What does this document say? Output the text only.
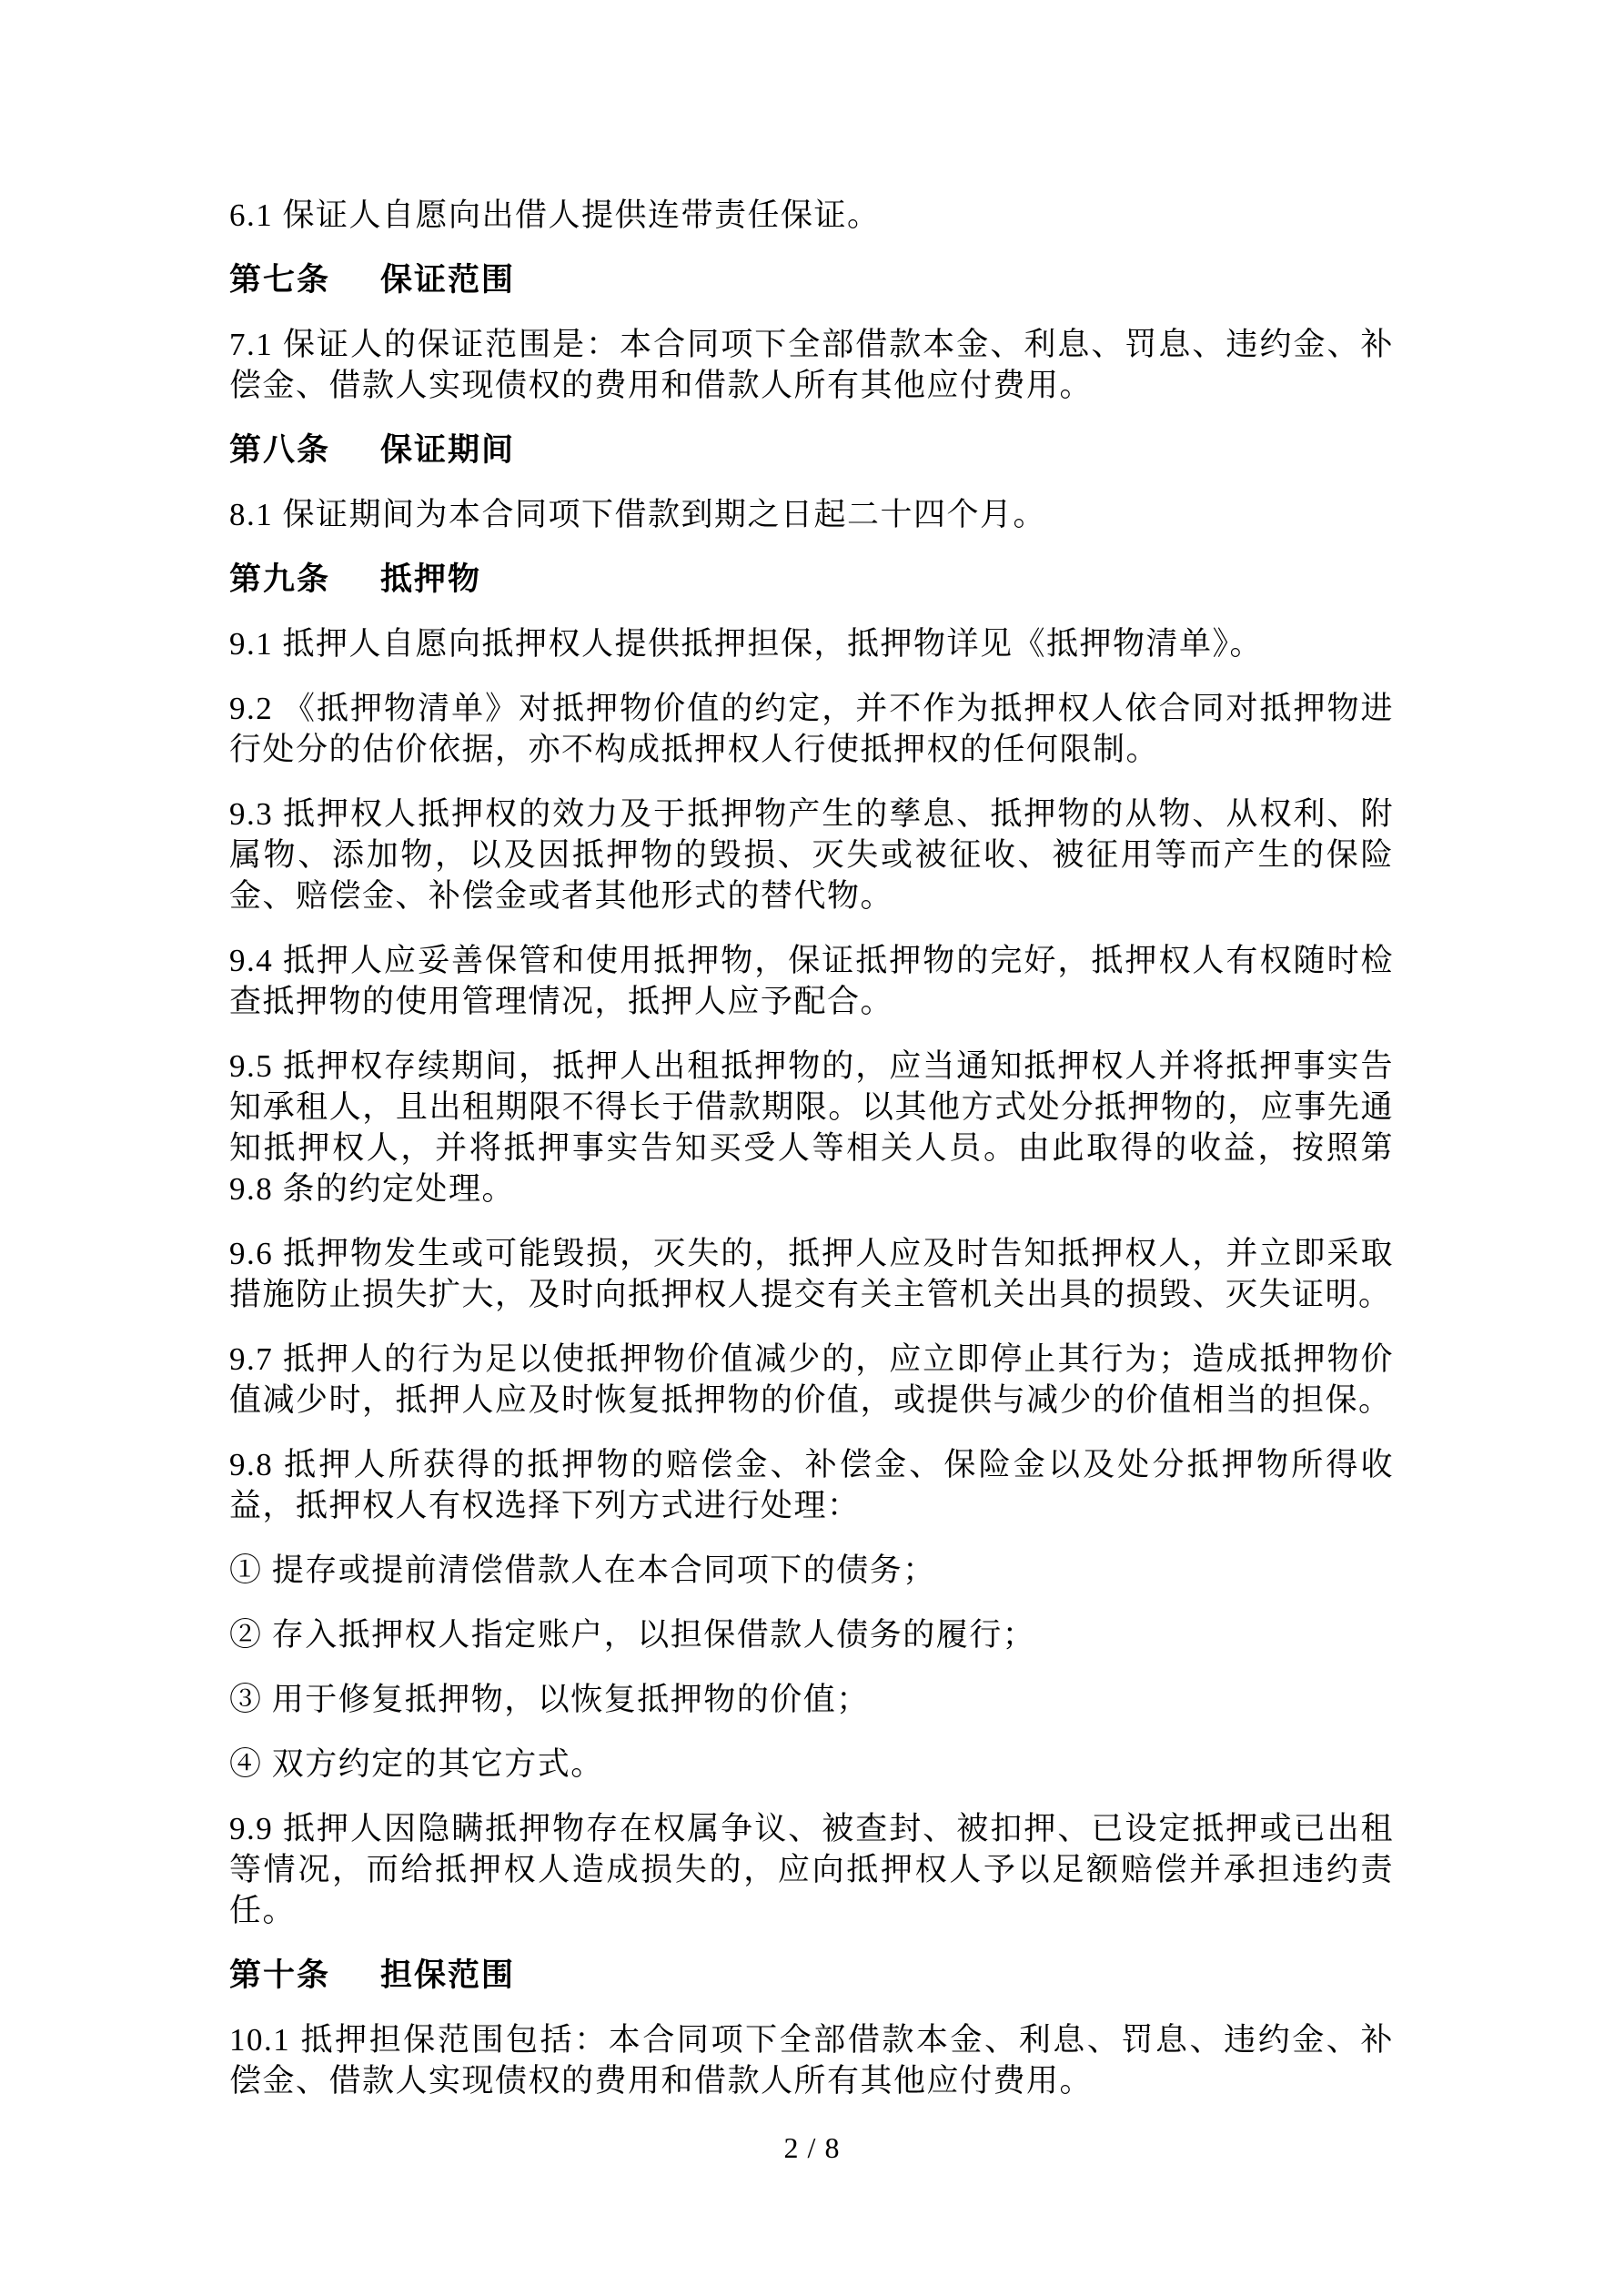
6.1 保证人自愿向出借人提供连带责任保证。

第七条 保证范围

7.1 保证人的保证范围是：本合同项下全部借款本金、利息、罚息、违约金、补偿金、借款人实现债权的费用和借款人所有其他应付费用。

第八条 保证期间

8.1 保证期间为本合同项下借款到期之日起二十四个月。

第九条 抵押物

9.1 抵押人自愿向抵押权人提供抵押担保，抵押物详见《抵押物清单》。

9.2 《抵押物清单》对抵押物价值的约定，并不作为抵押权人依合同对抵押物进行处分的估价依据，亦不构成抵押权人行使抵押权的任何限制。

9.3 抵押权人抵押权的效力及于抵押物产生的孳息、抵押物的从物、从权利、附属物、添加物，以及因抵押物的毁损、灭失或被征收、被征用等而产生的保险金、赔偿金、补偿金或者其他形式的替代物。

9.4 抵押人应妥善保管和使用抵押物，保证抵押物的完好，抵押权人有权随时检查抵押物的使用管理情况，抵押人应予配合。

9.5 抵押权存续期间，抵押人出租抵押物的，应当通知抵押权人并将抵押事实告知承租人，且出租期限不得长于借款期限。以其他方式处分抵押物的，应事先通知抵押权人，并将抵押事实告知买受人等相关人员。由此取得的收益，按照第 9.8 条的约定处理。

9.6 抵押物发生或可能毁损，灭失的，抵押人应及时告知抵押权人，并立即采取措施防止损失扩大，及时向抵押权人提交有关主管机关出具的损毁、灭失证明。

9.7 抵押人的行为足以使抵押物价值减少的，应立即停止其行为；造成抵押物价值减少时，抵押人应及时恢复抵押物的价值，或提供与减少的价值相当的担保。

9.8 抵押人所获得的抵押物的赔偿金、补偿金、保险金以及处分抵押物所得收益，抵押权人有权选择下列方式进行处理：

① 提存或提前清偿借款人在本合同项下的债务；

② 存入抵押权人指定账户，以担保借款人债务的履行；

③ 用于修复抵押物，以恢复抵押物的价值；

④ 双方约定的其它方式。

9.9 抵押人因隐瞒抵押物存在权属争议、被查封、被扣押、已设定抵押或已出租等情况，而给抵押权人造成损失的，应向抵押权人予以足额赔偿并承担违约责任。

第十条 担保范围

10.1 抵押担保范围包括：本合同项下全部借款本金、利息、罚息、违约金、补偿金、借款人实现债权的费用和借款人所有其他应付费用。

2 / 8
